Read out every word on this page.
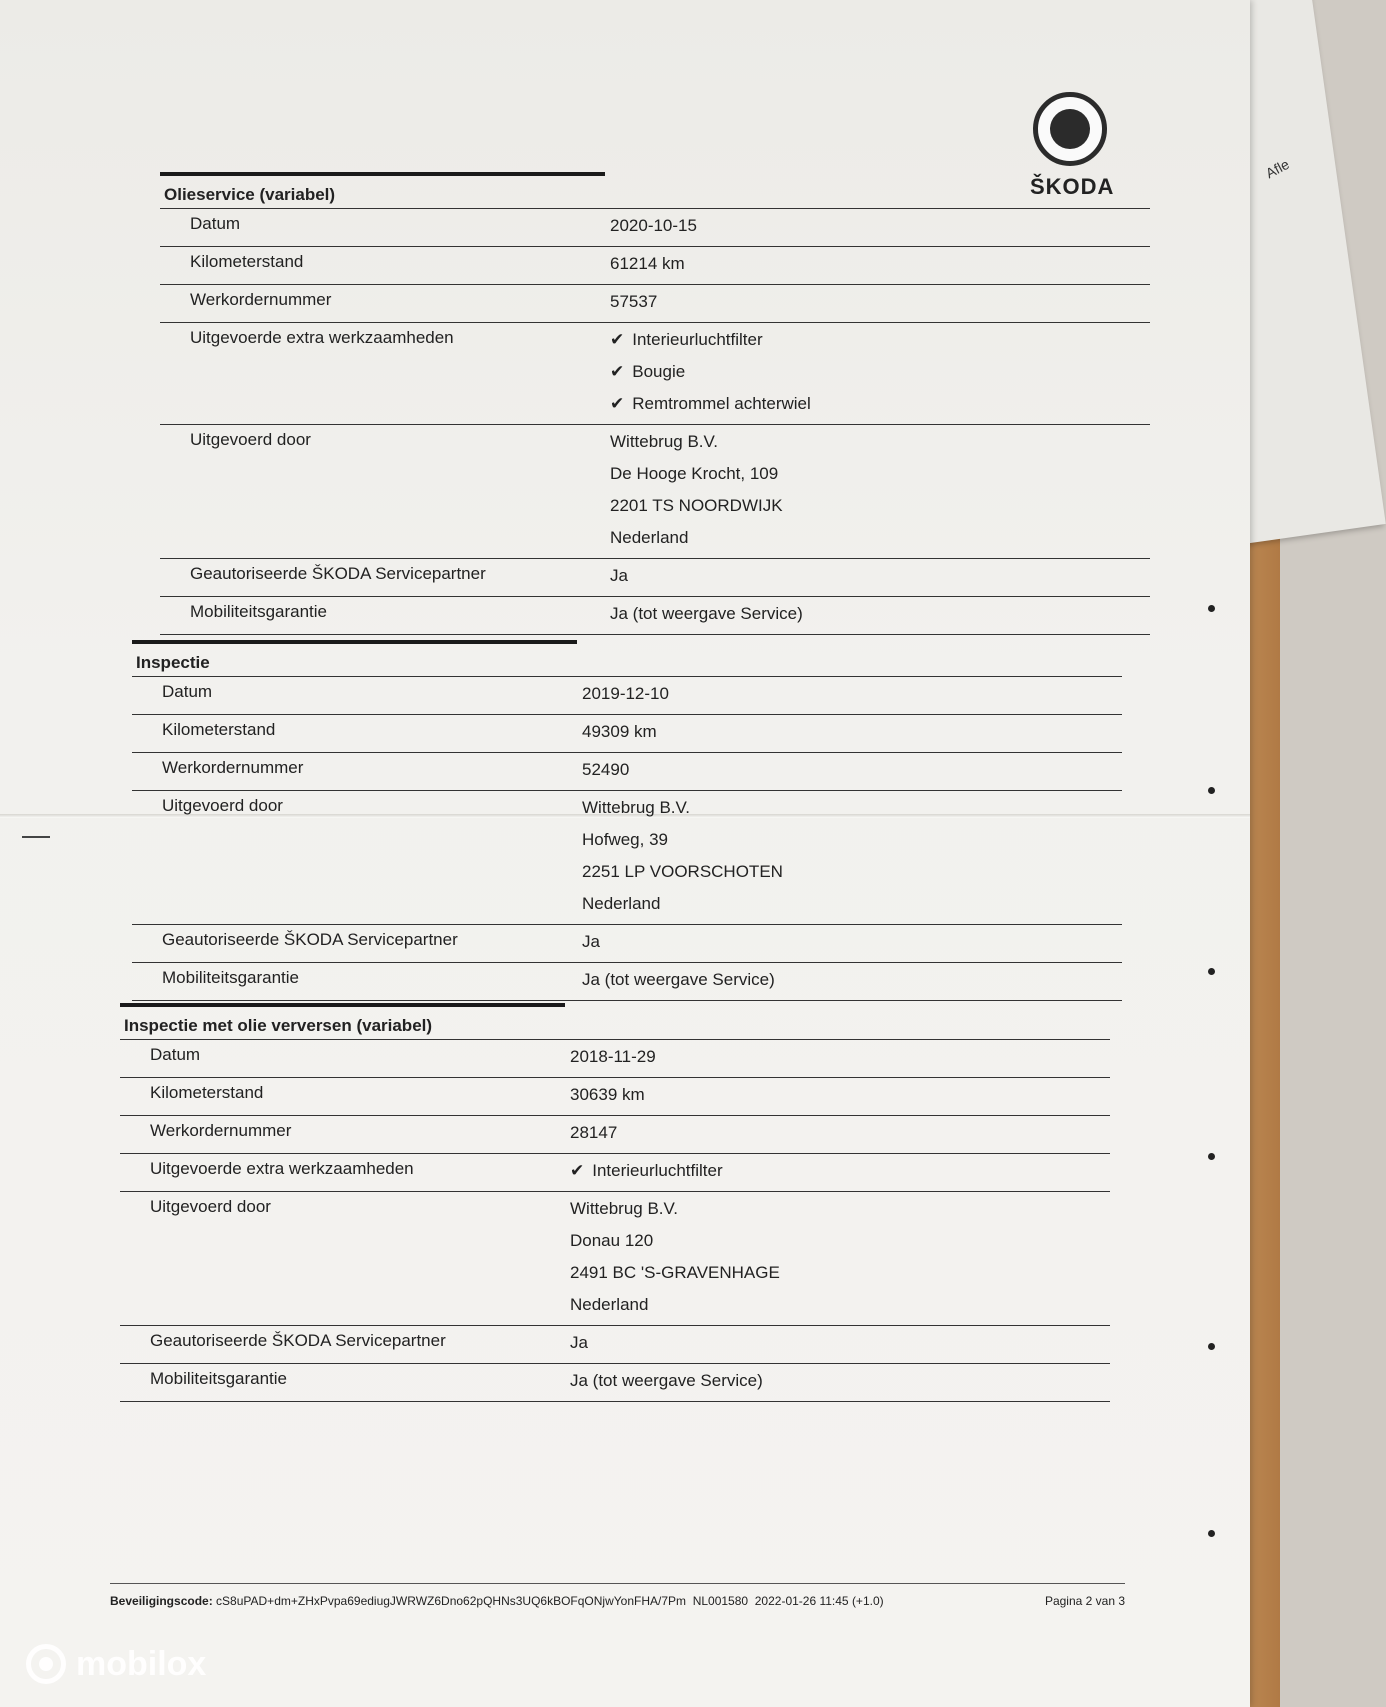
Afle
ŠKODA
Olieservice (variabel)
Datum	2020-10-15
Kilometerstand	61214 km
Werkordernummer	57537
Uitgevoerde extra werkzaamheden	✔ Interieurluchtfilter
✔ Bougie
✔ Remtrommel achterwiel
Uitgevoerd door	Wittebrug B.V.
De Hooge Krocht, 109
2201 TS NOORDWIJK
Nederland
Geautoriseerde ŠKODA Servicepartner	Ja
Mobiliteitsgarantie	Ja (tot weergave Service)
Inspectie
Datum	2019-12-10
Kilometerstand	49309 km
Werkordernummer	52490
Uitgevoerd door	Wittebrug B.V.
Hofweg, 39
2251 LP VOORSCHOTEN
Nederland
Geautoriseerde ŠKODA Servicepartner	Ja
Mobiliteitsgarantie	Ja (tot weergave Service)
Inspectie met olie verversen (variabel)
Datum	2018-11-29
Kilometerstand	30639 km
Werkordernummer	28147
Uitgevoerde extra werkzaamheden	✔ Interieurluchtfilter
Uitgevoerd door	Wittebrug B.V.
Donau 120
2491 BC 'S-GRAVENHAGE
Nederland
Geautoriseerde ŠKODA Servicepartner	Ja
Mobiliteitsgarantie	Ja (tot weergave Service)
Beveiligingscode: cS8uPAD+dm+ZHxPvpa69ediugJWRWZ6Dno62pQHNs3UQ6kBOFqONjwYonFHA/7Pm NL001580 2022-01-26 11:45 (+1.0)	Pagina 2 van 3
mobilox
